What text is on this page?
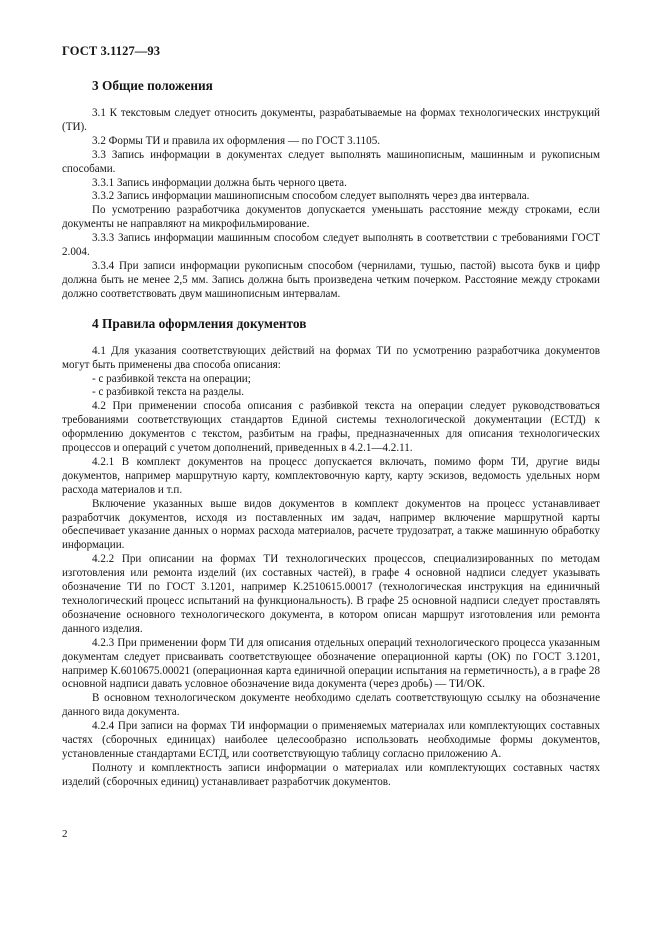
ГОСТ 3.1127—93
3 Общие положения

3.1 К текстовым следует относить документы, разрабатываемые на формах технологических инструкций (ТИ).

3.2 Формы ТИ и правила их оформления — по ГОСТ 3.1105.

3.3 Запись информации в документах следует выполнять машинописным, машинным и рукописным способами.

3.3.1 Запись информации должна быть черного цвета.

3.3.2 Запись информации машинописным способом следует выполнять через два интервала.

По усмотрению разработчика документов допускается уменьшать расстояние между строками, если документы не направляют на микрофильмирование.

3.3.3 Запись информации машинным способом следует выполнять в соответствии с требованиями ГОСТ 2.004.

3.3.4 При записи информации рукописным способом (чернилами, тушью, пастой) высота букв и цифр должна быть не менее 2,5 мм. Запись должна быть произведена четким почерком. Расстояние между строками должно соответствовать двум машинописным интервалам.

4 Правила оформления документов

4.1 Для указания соответствующих действий на формах ТИ по усмотрению разработчика документов могут быть применены два способа описания:

- с разбивкой текста на операции;

- с разбивкой текста на разделы.

4.2 При применении способа описания с разбивкой текста на операции следует руководствоваться требованиями соответствующих стандартов Единой системы технологической документации (ЕСТД) к оформлению документов с текстом, разбитым на графы, предназначенных для описания технологических процессов и операций с учетом дополнений, приведенных в 4.2.1—4.2.11.

4.2.1 В комплект документов на процесс допускается включать, помимо форм ТИ, другие виды документов, например маршрутную карту, комплектовочную карту, карту эскизов, ведомость удельных норм расхода материалов и т.п.

Включение указанных выше видов документов в комплект документов на процесс устанавливает разработчик документов, исходя из поставленных им задач, например включение маршрутной карты обеспечивает указание данных о нормах расхода материалов, расчете трудозатрат, а также машинную обработку информации.

4.2.2 При описании на формах ТИ технологических процессов, специализированных по методам изготовления или ремонта изделий (их составных частей), в графе 4 основной надписи следует указывать обозначение ТИ по ГОСТ 3.1201, например К.2510615.00017 (технологическая инструкция на единичный технологический процесс испытаний на функциональность). В графе 25 основной надписи следует проставлять обозначение основного технологического документа, в котором описан маршрут изготовления или ремонта данного изделия.

4.2.3 При применении форм ТИ для описания отдельных операций технологического процесса указанным документам следует присваивать соответствующее обозначение операционной карты (ОК) по ГОСТ 3.1201, например К.6010675.00021 (операционная карта единичной операции испытания на герметичность), а в графе 28 основной надписи давать условное обозначение вида документа (через дробь) — ТИ/ОК.

В основном технологическом документе необходимо сделать соответствующую ссылку на обозначение данного вида документа.

4.2.4 При записи на формах ТИ информации о применяемых материалах или комплектующих составных частях (сборочных единицах) наиболее целесообразно использовать необходимые формы документов, установленные стандартами ЕСТД, или соответствующую таблицу согласно приложению А.

Полноту и комплектность записи информации о материалах или комплектующих составных частях изделий (сборочных единиц) устанавливает разработчик документов.

2
